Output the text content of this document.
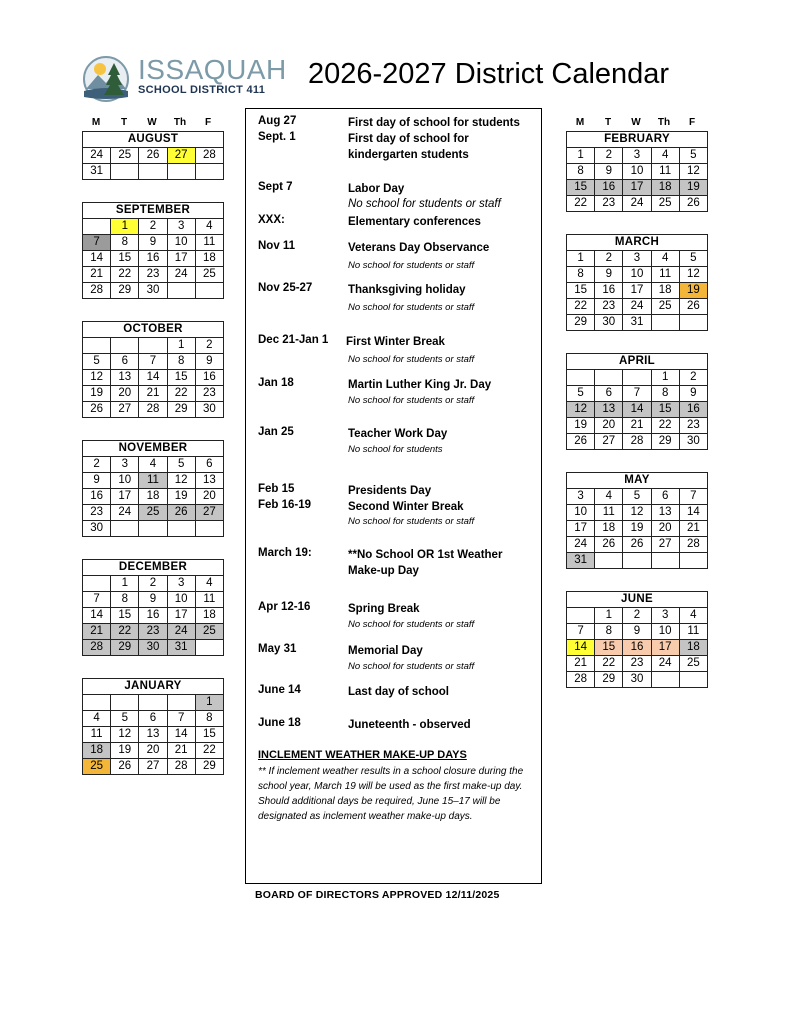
ISSAQUAH
SCHOOL DISTRICT 411 2026-2027 District Calendar
M	T	W	Th	F
AUGUST				
24	25	26	27	28
31				
SEPTEMBER				
	1	2	3	4
7	8	9	10	11
14	15	16	17	18
21	22	23	24	25
28	29	30		
OCTOBER				
			1	2
5	6	7	8	9
12	13	14	15	16
19	20	21	22	23
26	27	28	29	30
NOVEMBER				
2	3	4	5	6
9	10	11	12	13
16	17	18	19	20
23	24	25	26	27
30				
DECEMBER				
	1	2	3	4
7	8	9	10	11
14	15	16	17	18
21	22	23	24	25
28	29	30	31	
JANUARY				
				1
4	5	6	7	8
11	12	13	14	15
18	19	20	21	22
25	26	27	28	29
M	T	W	Th	F
FEBRUARY				
1	2	3	4	5
8	9	10	11	12
15	16	17	18	19
22	23	24	25	26
MARCH				
1	2	3	4	5
8	9	10	11	12
15	16	17	18	19
22	23	24	25	26
29	30	31		
APRIL				
			1	2
5	6	7	8	9
12	13	14	15	16
19	20	21	22	23
26	27	28	29	30
MAY				
3	4	5	6	7
10	11	12	13	14
17	18	19	20	21
24	26	26	27	28
31				
JUNE				
	1	2	3	4
7	8	9	10	11
14	15	16	17	18
21	22	23	24	25
28	29	30		
Aug 27	First day of school for students
Sept. 1	First day of school for kindergarten students
Sept 7	Labor Day
No school for students or staff
XXX:	Elementary conferences
Nov 11	Veterans Day Observance
No school for students or staff
Nov 25-27	Thanksgiving holiday
No school for students or staff
Dec 21-Jan 1 First Winter Break
No school for students or staff
Jan 18	Martin Luther King Jr. Day
No school for students or staff
Jan 25	Teacher Work Day
No school for students
Feb 15	Presidents Day
Feb 16-19	Second Winter Break
No school for students or staff
March 19:	**No School OR 1st Weather Make-up Day
Apr 12-16	Spring Break
No school for students or staff
May 31	Memorial Day
No school for students or staff
June 14	Last day of school
June 18	Juneteenth - observed
INCLEMENT WEATHER MAKE-UP DAYS
** If inclement weather results in a school closure during the school year, March 19 will be used as the first make-up day. Should additional days be required, June 15–17 will be designated as inclement weather make-up days.
BOARD OF DIRECTORS APPROVED 12/11/2025
